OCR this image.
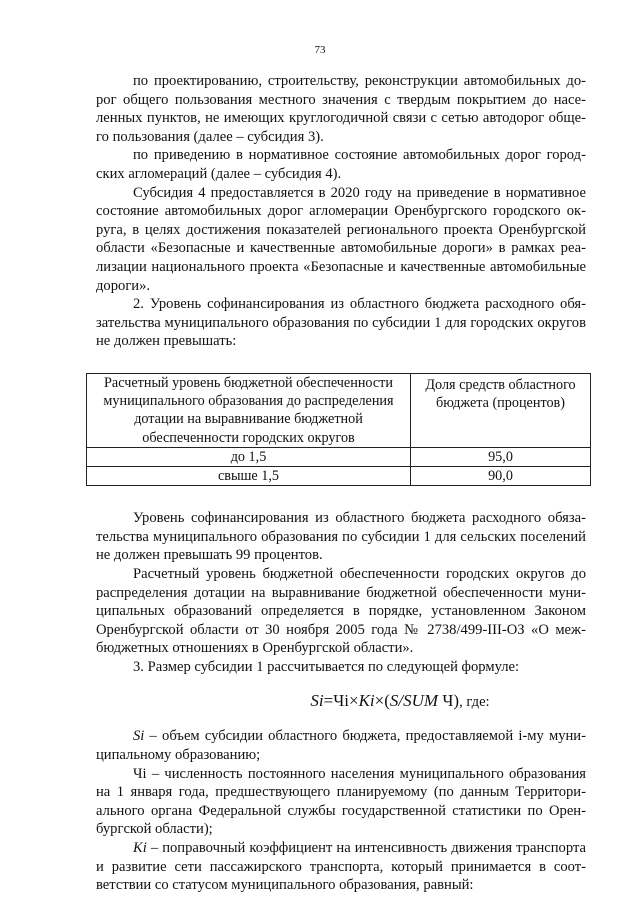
73

по проектированию, строительству, реконструкции автомобильных дорог общего пользования местного значения с твердым покрытием до населенных пунктов, не имеющих круглогодичной связи с сетью автодорог общего пользования (далее – субсидия 3).

по приведению в нормативное состояние автомобильных дорог городских агломераций (далее – субсидия 4).

Субсидия 4 предоставляется в 2020 году на приведение в нормативное состояние автомобильных дорог агломерации Оренбургского городского округа, в целях достижения показателей регионального проекта Оренбургской области «Безопасные и качественные автомобильные дороги» в рамках реализации национального проекта «Безопасные и качественные автомобильные дороги».

2. Уровень софинансирования из областного бюджета расходного обязательства муниципального образования по субсидии 1 для городских округов не должен превышать:

Расчетный уровень бюджетной обеспеченности муниципального образования до распределения дотации на выравнивание бюджетной обеспеченности городских округов	Доля средств областного бюджета (процентов)
до 1,5	95,0
свыше 1,5	90,0

Уровень софинансирования из областного бюджета расходного обязательства муниципального образования по субсидии 1 для сельских поселений не должен превышать 99 процентов.

Расчетный уровень бюджетной обеспеченности городских округов до распределения дотации на выравнивание бюджетной обеспеченности муниципальных образований определяется в порядке, установленном Законом Оренбургской области от 30 ноября 2005 года № 2738/499-III-ОЗ «О межбюджетных отношениях в Оренбургской области».

3. Размер субсидии 1 рассчитывается по следующей формуле:

Si=Чi×Ki×(S/SUM Ч), где:

Si – объем субсидии областного бюджета, предоставляемой i-му муниципальному образованию;

Чi – численность постоянного населения муниципального образования на 1 января года, предшествующего планируемому (по данным Территориального органа Федеральной службы государственной статистики по Оренбургской области);

Ki – поправочный коэффициент на интенсивность движения транспорта и развитие сети пассажирского транспорта, который принимается в соответствии со статусом муниципального образования, равный:
